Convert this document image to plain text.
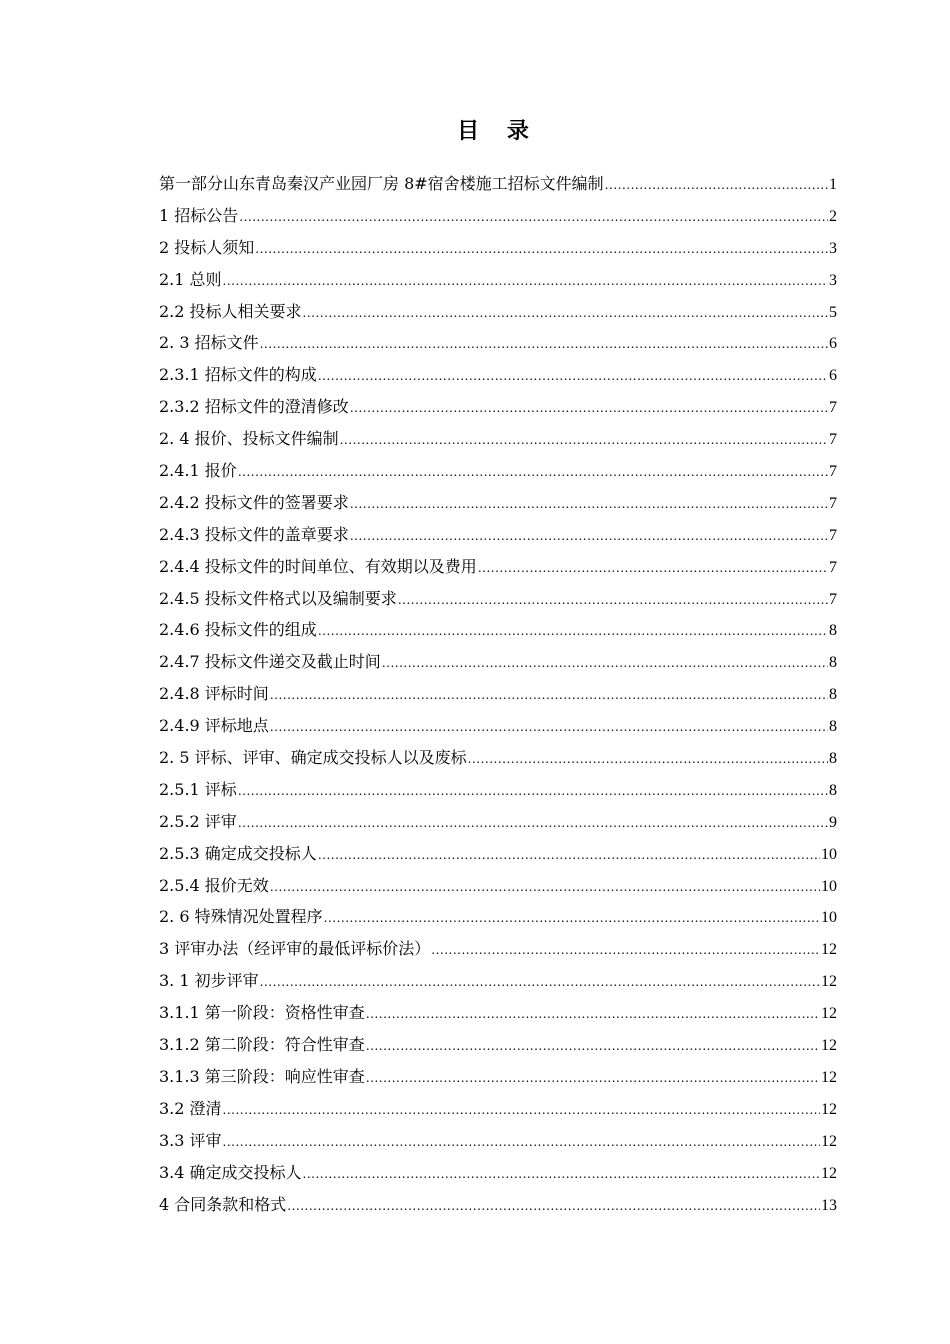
目 录
第一部分山东青岛秦汉产业园厂房 8#宿舍楼施工招标文件编制 .....	1
1 招标公告 .....	2
2 投标人须知 .....	3
2.1 总则 .....	3
2.2 投标人相关要求 .....	5
2. 3 招标文件 .....	6
2.3.1 招标文件的构成 .....	6
2.3.2 招标文件的澄清修改 .....	7
2. 4 报价、投标文件编制 .....	7
2.4.1 报价 .....	7
2.4.2 投标文件的签署要求 .....	7
2.4.3 投标文件的盖章要求 .....	7
2.4.4 投标文件的时间单位、有效期以及费用 .....	7
2.4.5 投标文件格式以及编制要求 .....	7
2.4.6 投标文件的组成 .....	8
2.4.7 投标文件递交及截止时间 .....	8
2.4.8 评标时间 .....	8
2.4.9 评标地点 .....	8
2. 5 评标、评审、确定成交投标人以及废标 .....	8
2.5.1 评标 .....	8
2.5.2 评审 .....	9
2.5.3 确定成交投标人 .....	10
2.5.4 报价无效 .....	10
2. 6 特殊情况处置程序 .....	10
3 评审办法（经评审的最低评标价法） .....	12
3. 1 初步评审 .....	12
3.1.1 第一阶段：资格性审查 .....	12
3.1.2 第二阶段：符合性审查 .....	12
3.1.3 第三阶段：响应性审查 .....	12
3.2 澄清 .....	12
3.3 评审 .....	12
3.4 确定成交投标人 .....	12
4 合同条款和格式 .....	13
